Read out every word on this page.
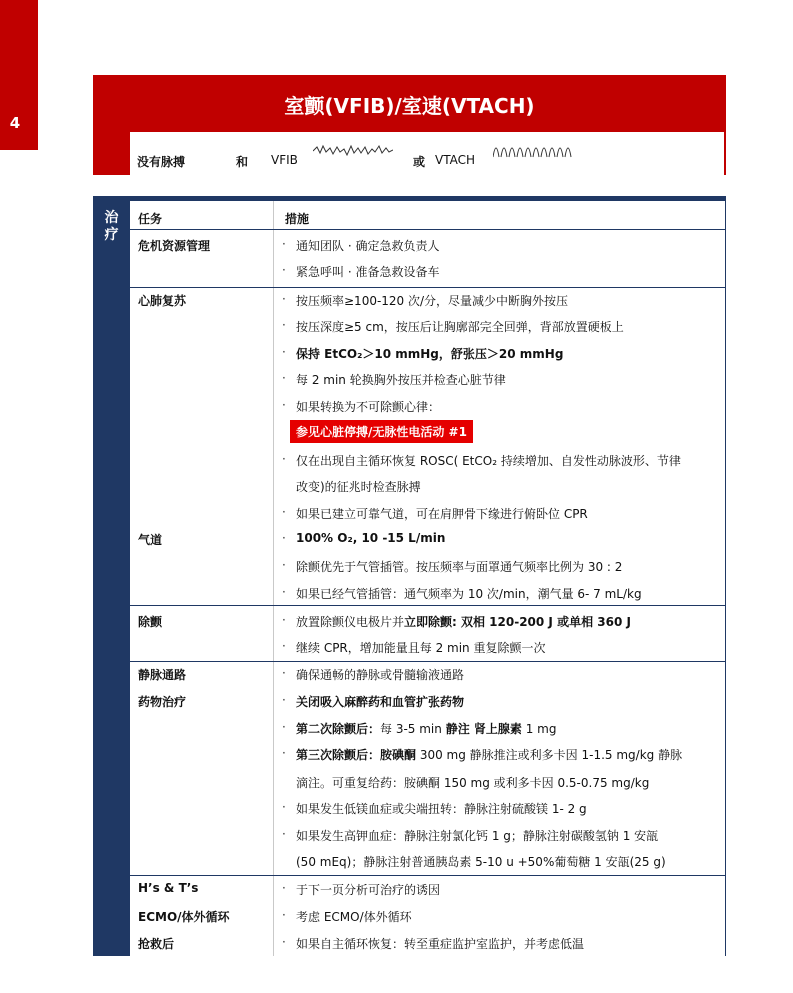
4
室颤(VFIB)/室速(VTACH)
没有脉搏	和 VFIB	或 VTACH
治
疗
任务	措施
危机资源管理	· 通知团队 · 确定急救负责人
· 紧急呼叫 · 准备急救设备车
心肺复苏	· 按压频率≥100-120 次/分，尽量减少中断胸外按压
· 按压深度≥5 cm，按压后让胸廓部完全回弹，背部放置硬板上
· 保持 EtCO₂＞10 mmHg，舒张压＞20 mmHg
· 每 2 min 轮换胸外按压并检查心脏节律
· 如果转换为不可除颤心律：
参见心脏停搏/无脉性电活动 #1
· 仅在出现自主循环恢复 ROSC( EtCO₂ 持续增加、自发性动脉波形、节律
改变)的征兆时检查脉搏
· 如果已建立可靠气道，可在肩胛骨下缘进行俯卧位 CPR
气道	· 100% O₂, 10 -15 L/min
· 除颤优先于气管插管。按压频率与面罩通气频率比例为 30 : 2
· 如果已经气管插管：通气频率为 10 次/min，潮气量 6- 7 mL/kg
除颤	· 放置除颤仪电极片并立即除颤: 双相 120-200 J 或单相 360 J
· 继续 CPR，增加能量且每 2 min 重复除颤一次
静脉通路	· 确保通畅的静脉或骨髓输液通路
药物治疗	· 关闭吸入麻醉药和血管扩张药物
· 第二次除颤后：每 3-5 min 静注 肾上腺素 1 mg
· 第三次除颤后：胺碘酮 300 mg 静脉推注或利多卡因 1-1.5 mg/kg 静脉
滴注。可重复给药：胺碘酮 150 mg 或利多卡因 0.5-0.75 mg/kg
· 如果发生低镁血症或尖端扭转：静脉注射硫酸镁 1- 2 g
· 如果发生高钾血症：静脉注射氯化钙 1 g；静脉注射碳酸氢钠 1 安瓿
(50 mEq)；静脉注射普通胰岛素 5-10 u +50%葡萄糖 1 安瓿(25 g)
H’s & T’s	· 于下一页分析可治疗的诱因
ECMO/体外循环	· 考虑 ECMO/体外循环
抢救后	· 如果自主循环恢复：转至重症监护室监护，并考虑低温
